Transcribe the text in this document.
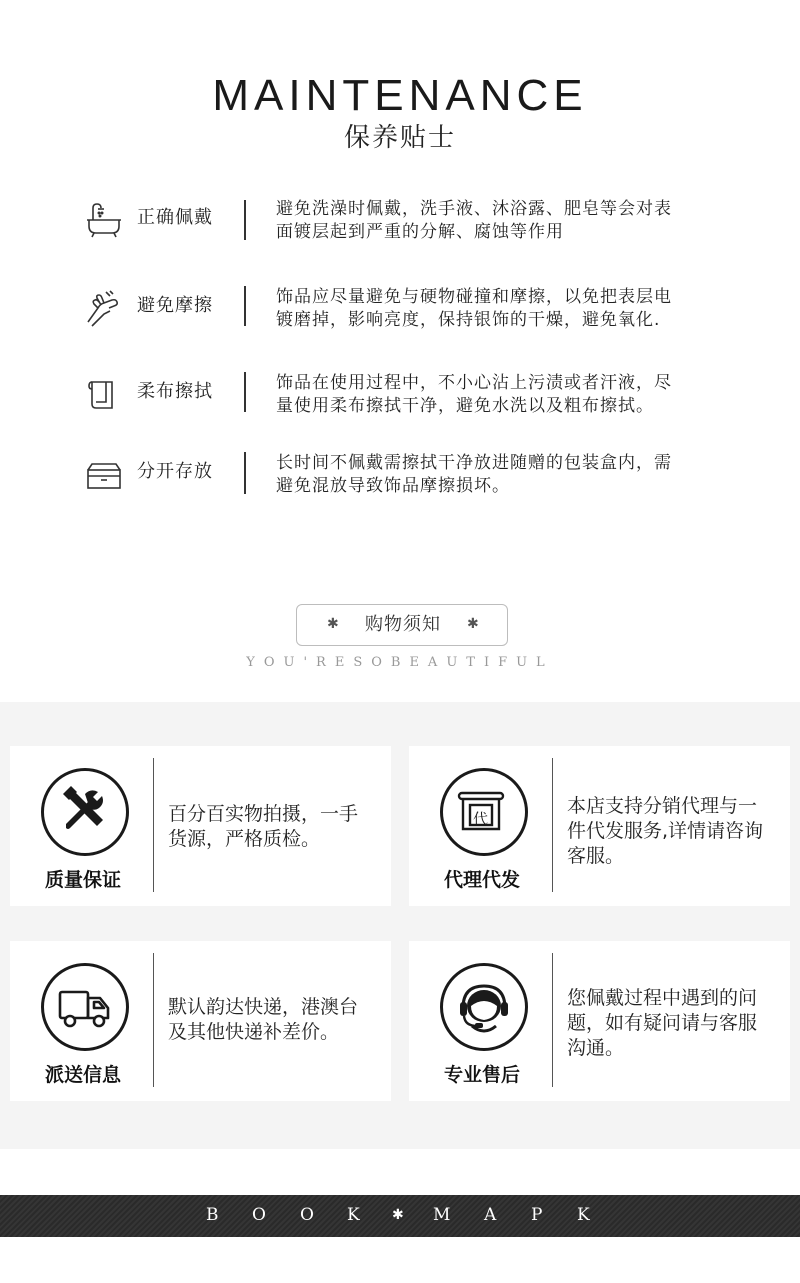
MAINTENANCE
保养贴士
正确佩戴	避免洗澡时佩戴，洗手液、沐浴露、肥皂等会对表
面镀层起到严重的分解、腐蚀等作用
避免摩擦	饰品应尽量避免与硬物碰撞和摩擦，以免把表层电
镀磨掉，影响亮度，保持银饰的干燥，避免氧化.
柔布擦拭	饰品在使用过程中，不小心沾上污渍或者汗液，尽
量使用柔布擦拭干净，避免水洗以及粗布擦拭。
分开存放	长时间不佩戴需擦拭干净放进随赠的包装盒内，需
避免混放导致饰品摩擦损坏。
✱	购物须知	✱
YOU'RESOBEAUTIFUL
质量保证
百分百实物拍摄，一手
货源，严格质检。
代
代理代发
本店支持分销代理与一
件代发服务,详情请咨询
客服。
派送信息
默认韵达快递，港澳台
及其他快递补差价。
专业售后
您佩戴过程中遇到的问
题，如有疑问请与客服
沟通。
B O O K ✱ M A P K
